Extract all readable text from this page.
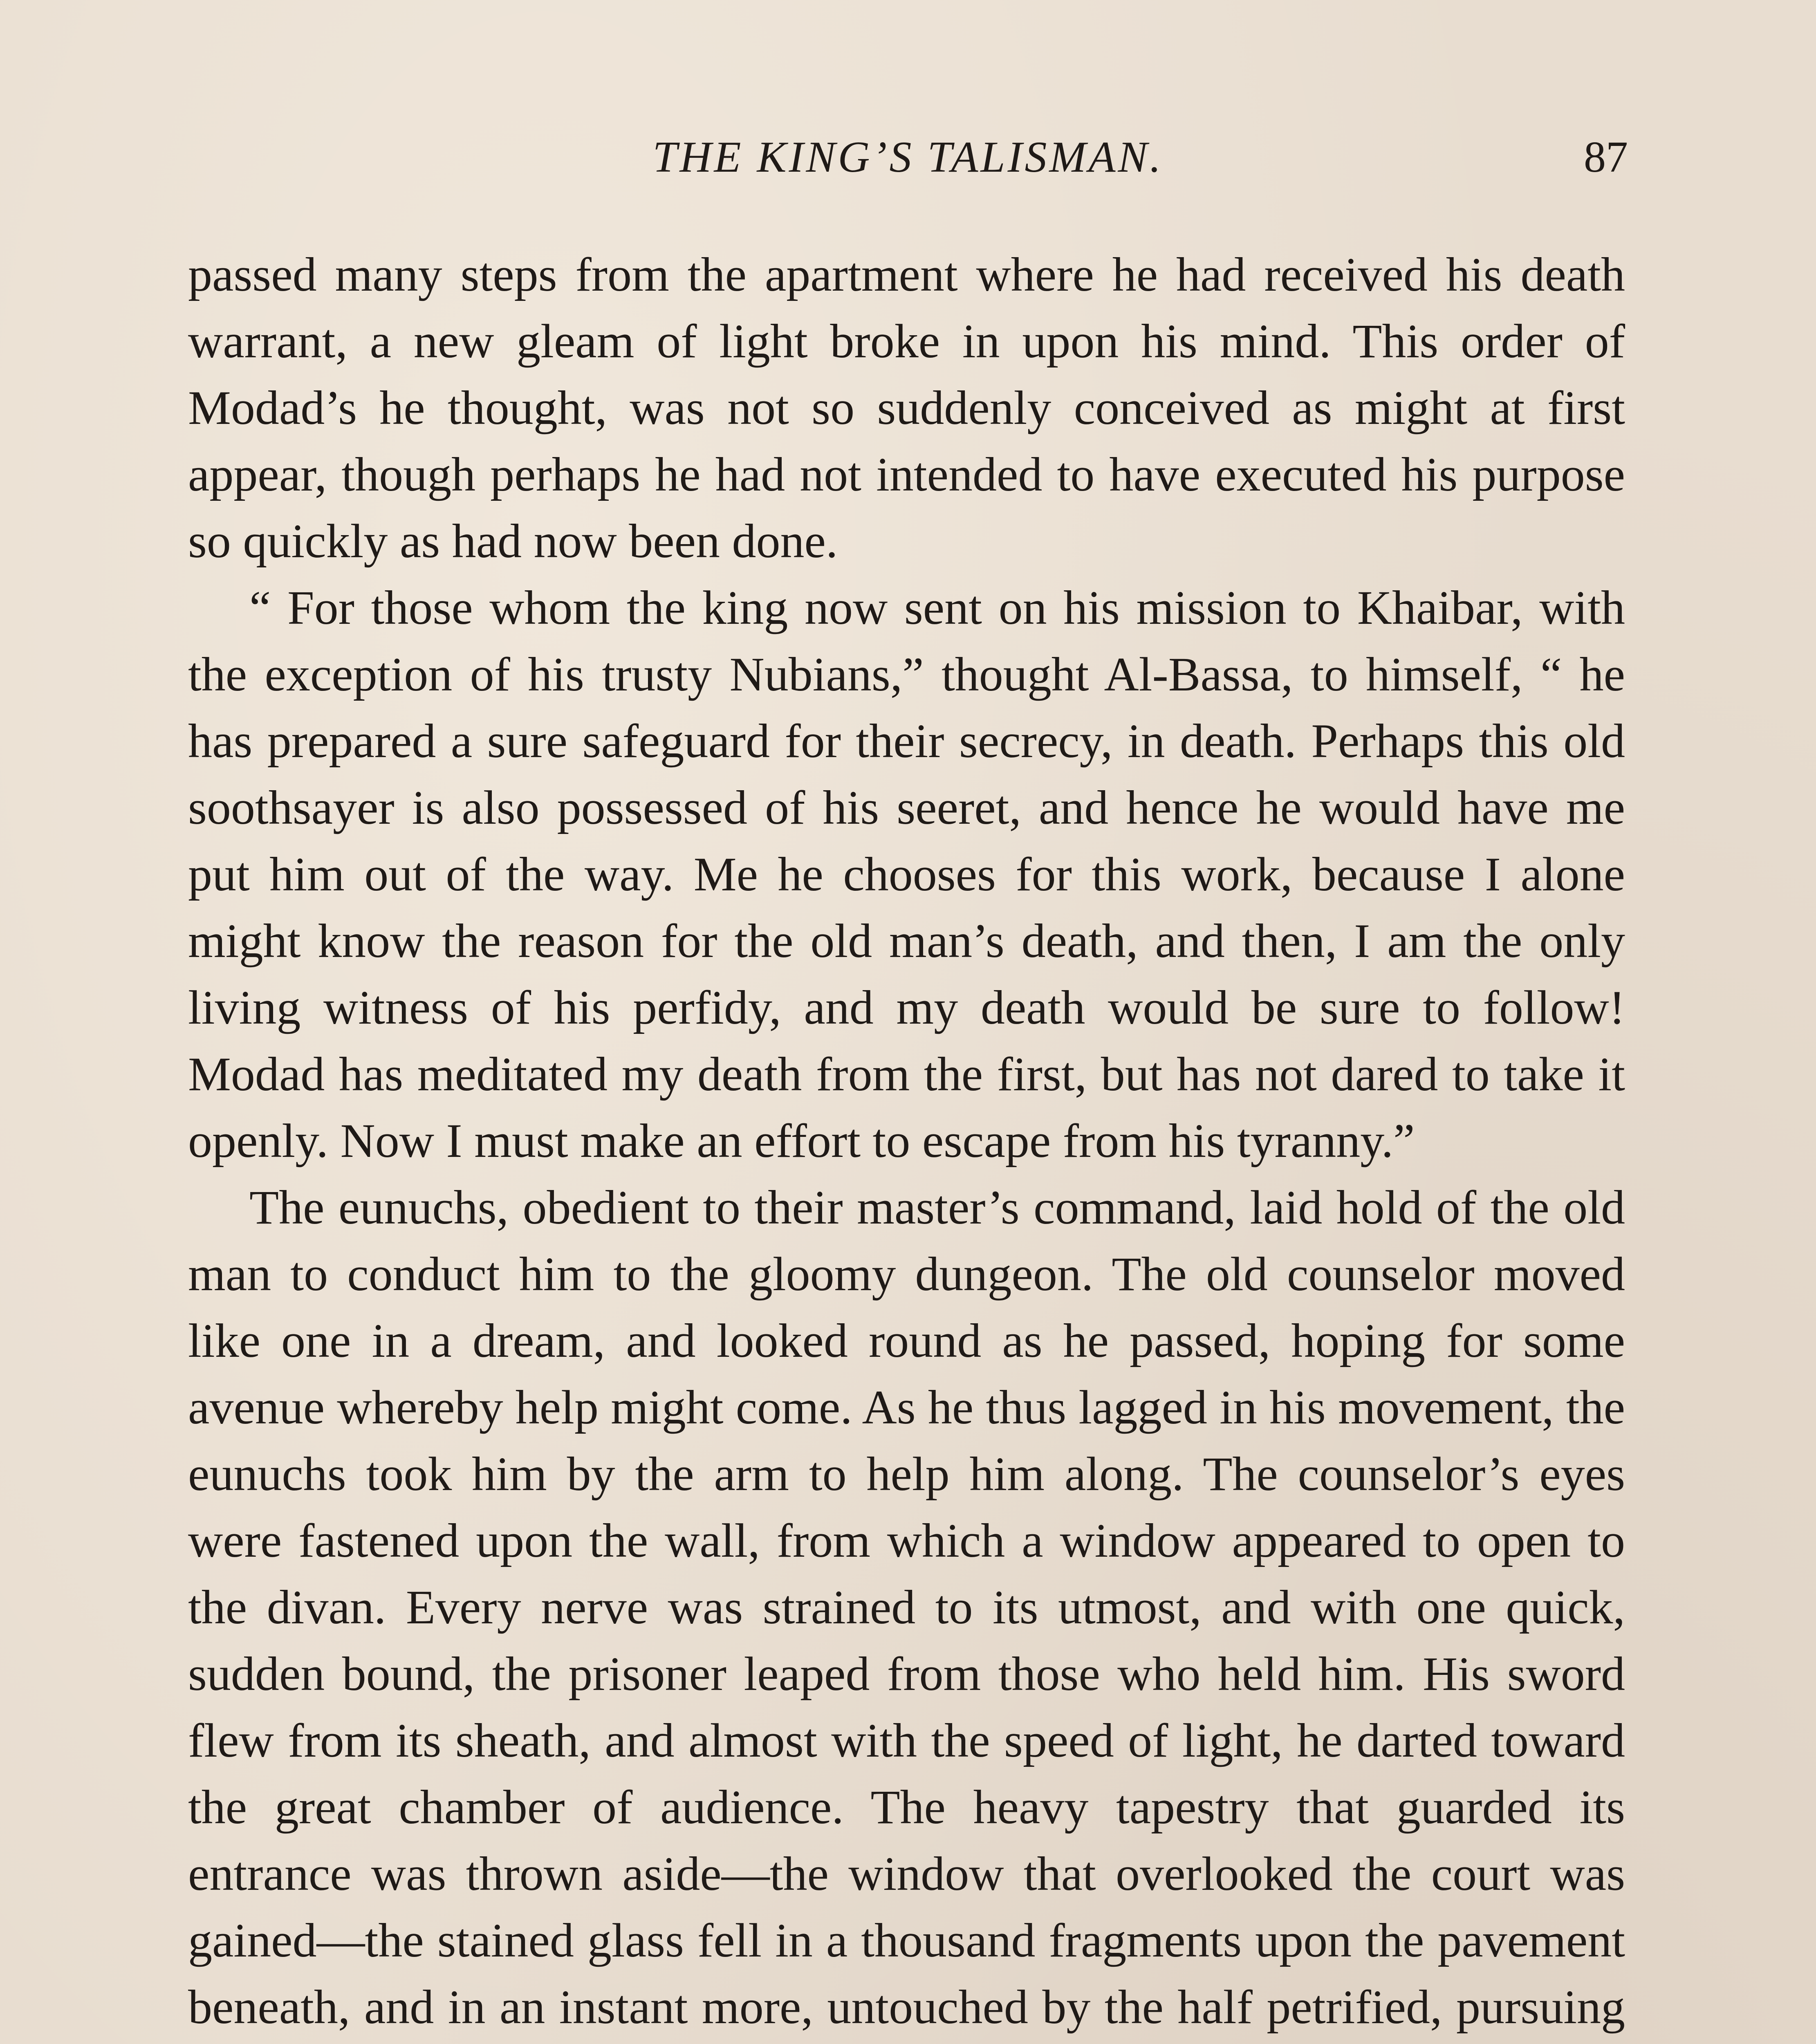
THE KING’S TALISMAN.	87

passed many steps from the apartment where he had received his death warrant, a new gleam of light broke in upon his mind. This order of Modad’s he thought, was not so suddenly conceived as might at first appear, though perhaps he had not intended to have executed his purpose so quickly as had now been done.

“ For those whom the king now sent on his mission to Khaibar, with the exception of his trusty Nubians,” thought Al-Bassa, to himself, “ he has prepared a sure safeguard for their secrecy, in death. Perhaps this old soothsayer is also possessed of his seeret, and hence he would have me put him out of the way. Me he chooses for this work, because I alone might know the reason for the old man’s death, and then, I am the only living witness of his perfidy, and my death would be sure to follow! Modad has meditated my death from the first, but has not dared to take it openly. Now I must make an effort to escape from his tyranny.”

The eunuchs, obedient to their master’s command, laid hold of the old man to conduct him to the gloomy dungeon. The old counselor moved like one in a dream, and looked round as he passed, hoping for some avenue whereby help might come. As he thus lagged in his movement, the eunuchs took him by the arm to help him along. The counselor’s eyes were fastened upon the wall, from which a window appeared to open to the divan. Every nerve was strained to its utmost, and with one quick, sudden bound, the prisoner leaped from those who held him. His sword flew from its sheath, and almost with the speed of light, he darted toward the great chamber of audience. The heavy tapestry that guarded its entrance was thrown aside—the window that overlooked the court was gained—the stained glass fell in a thousand fragments upon the pavement beneath, and in an instant more, untouched by the half petrified, pursuing
